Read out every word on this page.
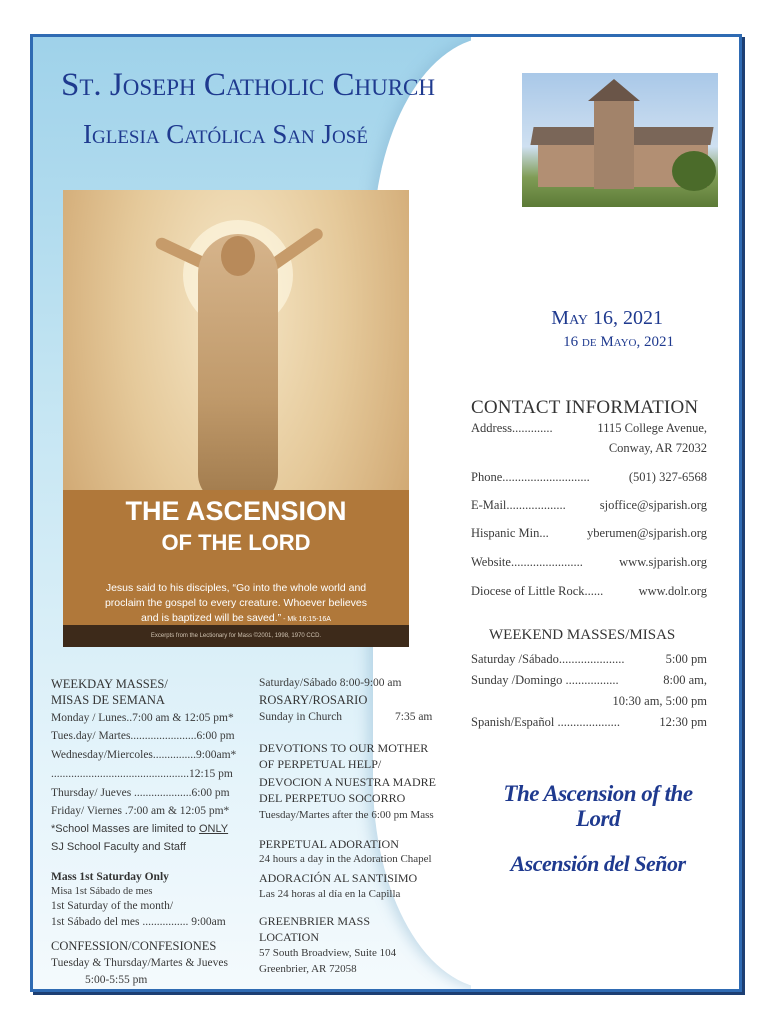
St. Joseph Catholic Church
Iglesia Católica San José
THE ASCENSION
OF THE LORD
Jesus said to his disciples, “Go into the whole world and
proclaim the gospel to every creature. Whoever believes
and is baptized will be saved.” - Mk 16:15-16A
Excerpts from the Lectionary for Mass ©2001, 1998, 1970 CCD.
May 16, 2021
16 de Mayo, 2021
CONTACT INFORMATION
Address.............	1115 College Avenue,
Conway, AR 72032
Phone............................	(501) 327-6568
E-Mail...................	sjoffice@sjparish.org
Hispanic Min...	yberumen@sjparish.org
Website.......................	www.sjparish.org
Diocese of Little Rock......	www.dolr.org
WEEKEND MASSES/MISAS
Saturday /Sábado.....................	5:00 pm
Sunday /Domingo .................	8:00 am,
10:30 am, 5:00 pm
Spanish/Español ....................	12:30 pm
The Ascension of the Lord
Ascensión del Señor
WEEKDAY MASSES/
MISAS DE SEMANA
Monday / Lunes..7:00 am & 12:05 pm*
Tues.day/ Martes.......................6:00 pm
Wednesday/Miercoles...............9:00am*
................................................12:15 pm
Thursday/ Jueves ....................6:00 pm
Friday/ Viernes .7:00 am & 12:05 pm*
*School Masses are limited to ONLY
SJ School Faculty and Staff
Mass 1st Saturday Only
Misa 1st Sábado de mes
1st Saturday of the month/
1st Sábado del mes ................ 9:00am
CONFESSION/CONFESIONES
Tuesday & Thursday/Martes & Jueves
5:00-5:55 pm
Saturday/Sábado 8:00-9:00 am
ROSARY/ROSARIO
Sunday in Church	7:35 am
DEVOTIONS TO OUR MOTHER
OF PERPETUAL HELP/
DEVOCION A NUESTRA MADRE
DEL PERPETUO SOCORRO
Tuesday/Martes after the 6:00 pm Mass
PERPETUAL ADORATION
24 hours a day in the Adoration Chapel
ADORACIÓN AL SANTISIMO
Las 24 horas al día en la Capilla
GREENBRIER MASS
LOCATION
57 South Broadview, Suite 104
Greenbrier, AR 72058
